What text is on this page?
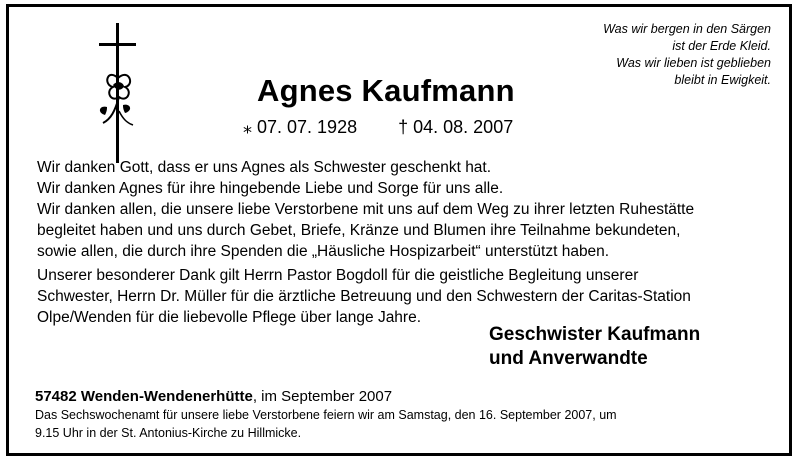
Was wir bergen in den Särgen
ist der Erde Kleid.
Was wir lieben ist geblieben
bleibt in Ewigkeit.
Agnes Kaufmann
⁎ 07. 07. 1928 † 04. 08. 2007
Wir danken Gott, dass er uns Agnes als Schwester geschenkt hat.
Wir danken Agnes für ihre hingebende Liebe und Sorge für uns alle.
Wir danken allen, die unsere liebe Verstorbene mit uns auf dem Weg zu ihrer letzten Ruhestätte
begleitet haben und uns durch Gebet, Briefe, Kränze und Blumen ihre Teilnahme bekundeten,
sowie allen, die durch ihre Spenden die „Häusliche Hospizarbeit“ unterstützt haben.
Unserer besonderer Dank gilt Herrn Pastor Bogdoll für die geistliche Begleitung unserer
Schwester, Herrn Dr. Müller für die ärztliche Betreuung und den Schwestern der Caritas-Station
Olpe/Wenden für die liebevolle Pflege über lange Jahre.
Geschwister Kaufmann
und Anverwandte
57482 Wenden-Wendenerhütte, im September 2007
Das Sechswochenamt für unsere liebe Verstorbene feiern wir am Samstag, den 16. September 2007, um
9.15 Uhr in der St. Antonius-Kirche zu Hillmicke.
